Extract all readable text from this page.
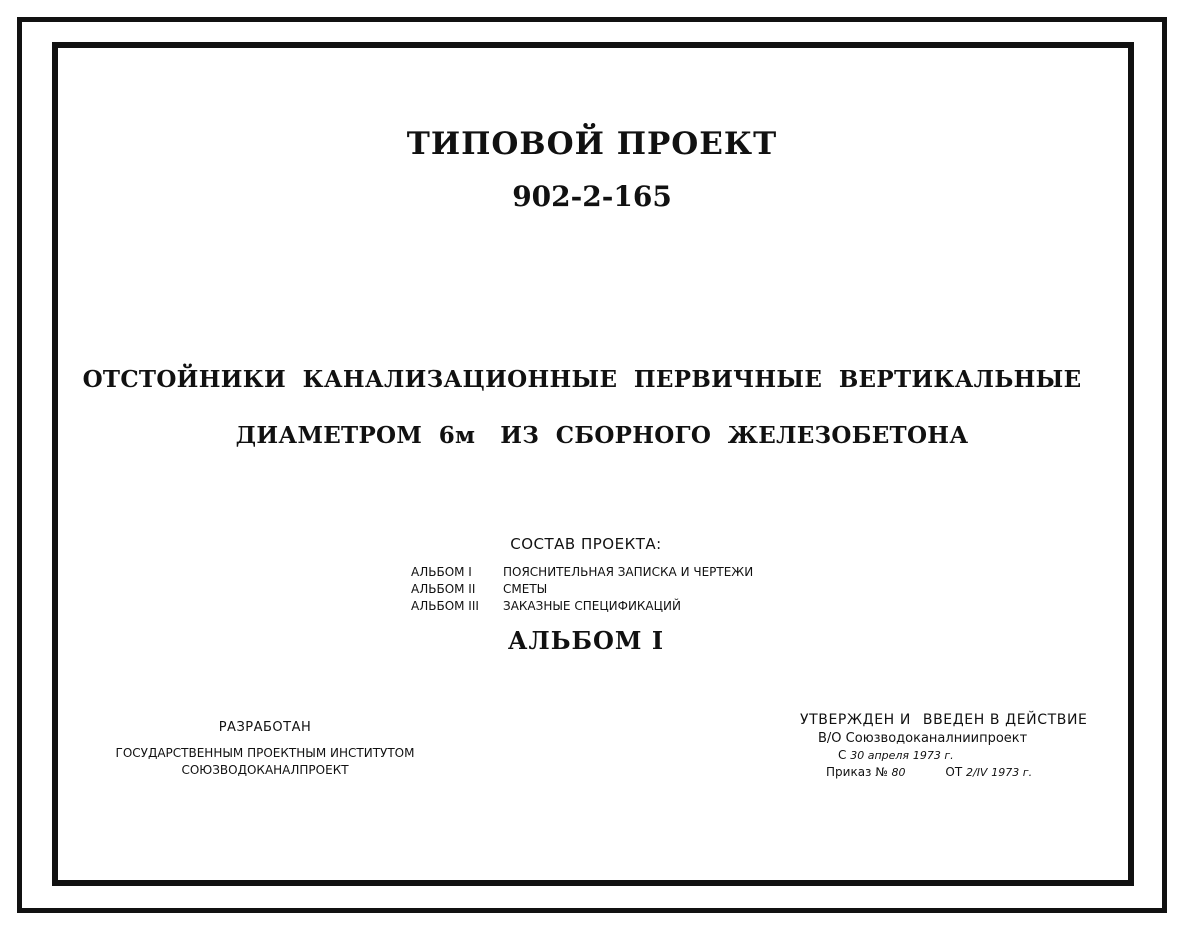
ТИПОВОЙ ПРОЕКТ
902-2-165
ОТСТОЙНИКИ  КАНАЛИЗАЦИОННЫЕ  ПЕРВИЧНЫЕ  ВЕРТИКАЛЬНЫЕ
ДИАМЕТРОМ  6м   ИЗ  СБОРНОГО  ЖЕЛЕЗОБЕТОНА
СОСТАВ ПРОЕКТА:
АЛЬБОМ I	ПОЯСНИТЕЛЬНАЯ ЗАПИСКА И ЧЕРТЕЖИ
АЛЬБОМ II	СМЕТЫ
АЛЬБОМ III	ЗАКАЗНЫЕ СПЕЦИФИКАЦИЙ
АЛЬБОМ I
РАЗРАБОТАН
ГОСУДАРСТВЕННЫМ ПРОЕКТНЫМ ИНСТИТУТОМ
СОЮЗВОДОКАНАЛПРОЕКТ
УТВЕРЖДЕН И ВВЕДЕН В ДЕЙСТВИЕ
В/О Союзводоканалниипроект
С 30 апреля 1973 г.
Приказ № 80	ОТ 2/IV 1973 г.
